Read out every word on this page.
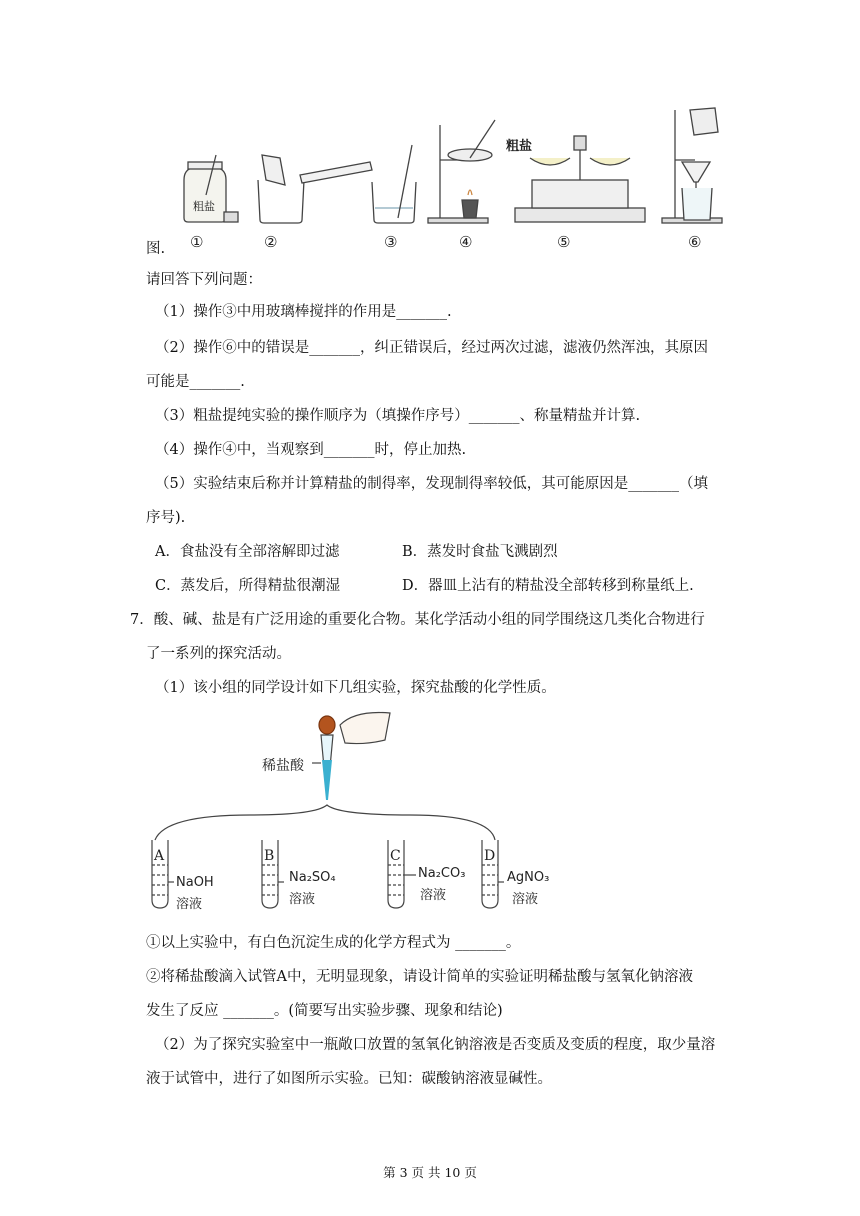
粗盐
粗盐
①	②	③	④	⑤	⑥
图.
请回答下列问题：
（1）操作③中用玻璃棒搅拌的作用是_______.
（2）操作⑥中的错误是_______，纠正错误后，经过两次过滤，滤液仍然浑浊，其原因
可能是_______.
（3）粗盐提纯实验的操作顺序为（填操作序号）_______、称量精盐并计算.
（4）操作④中，当观察到_______时，停止加热.
（5）实验结束后称并计算精盐的制得率，发现制得率较低，其可能原因是_______（填
序号).
A．食盐没有全部溶解即过滤	B．蒸发时食盐飞溅剧烈
C．蒸发后，所得精盐很潮湿	D．器皿上沾有的精盐没全部转移到称量纸上.
7．酸、碱、盐是有广泛用途的重要化合物。某化学活动小组的同学围绕这几类化合物进行
了一系列的探究活动。
（1）该小组的同学设计如下几组实验，探究盐酸的化学性质。
稀盐酸
A
NaOH
溶液
B
Na₂SO₄
溶液
C
Na₂CO₃
溶液
D
AgNO₃
溶液
①以上实验中，有白色沉淀生成的化学方程式为 _______。
②将稀盐酸滴入试管A中，无明显现象，请设计简单的实验证明稀盐酸与氢氧化钠溶液
发生了反应 _______。(简要写出实验步骤、现象和结论)
（2）为了探究实验室中一瓶敞口放置的氢氧化钠溶液是否变质及变质的程度，取少量溶
液于试管中，进行了如图所示实验。已知：碳酸钠溶液显碱性。
第 3 页 共 10 页
